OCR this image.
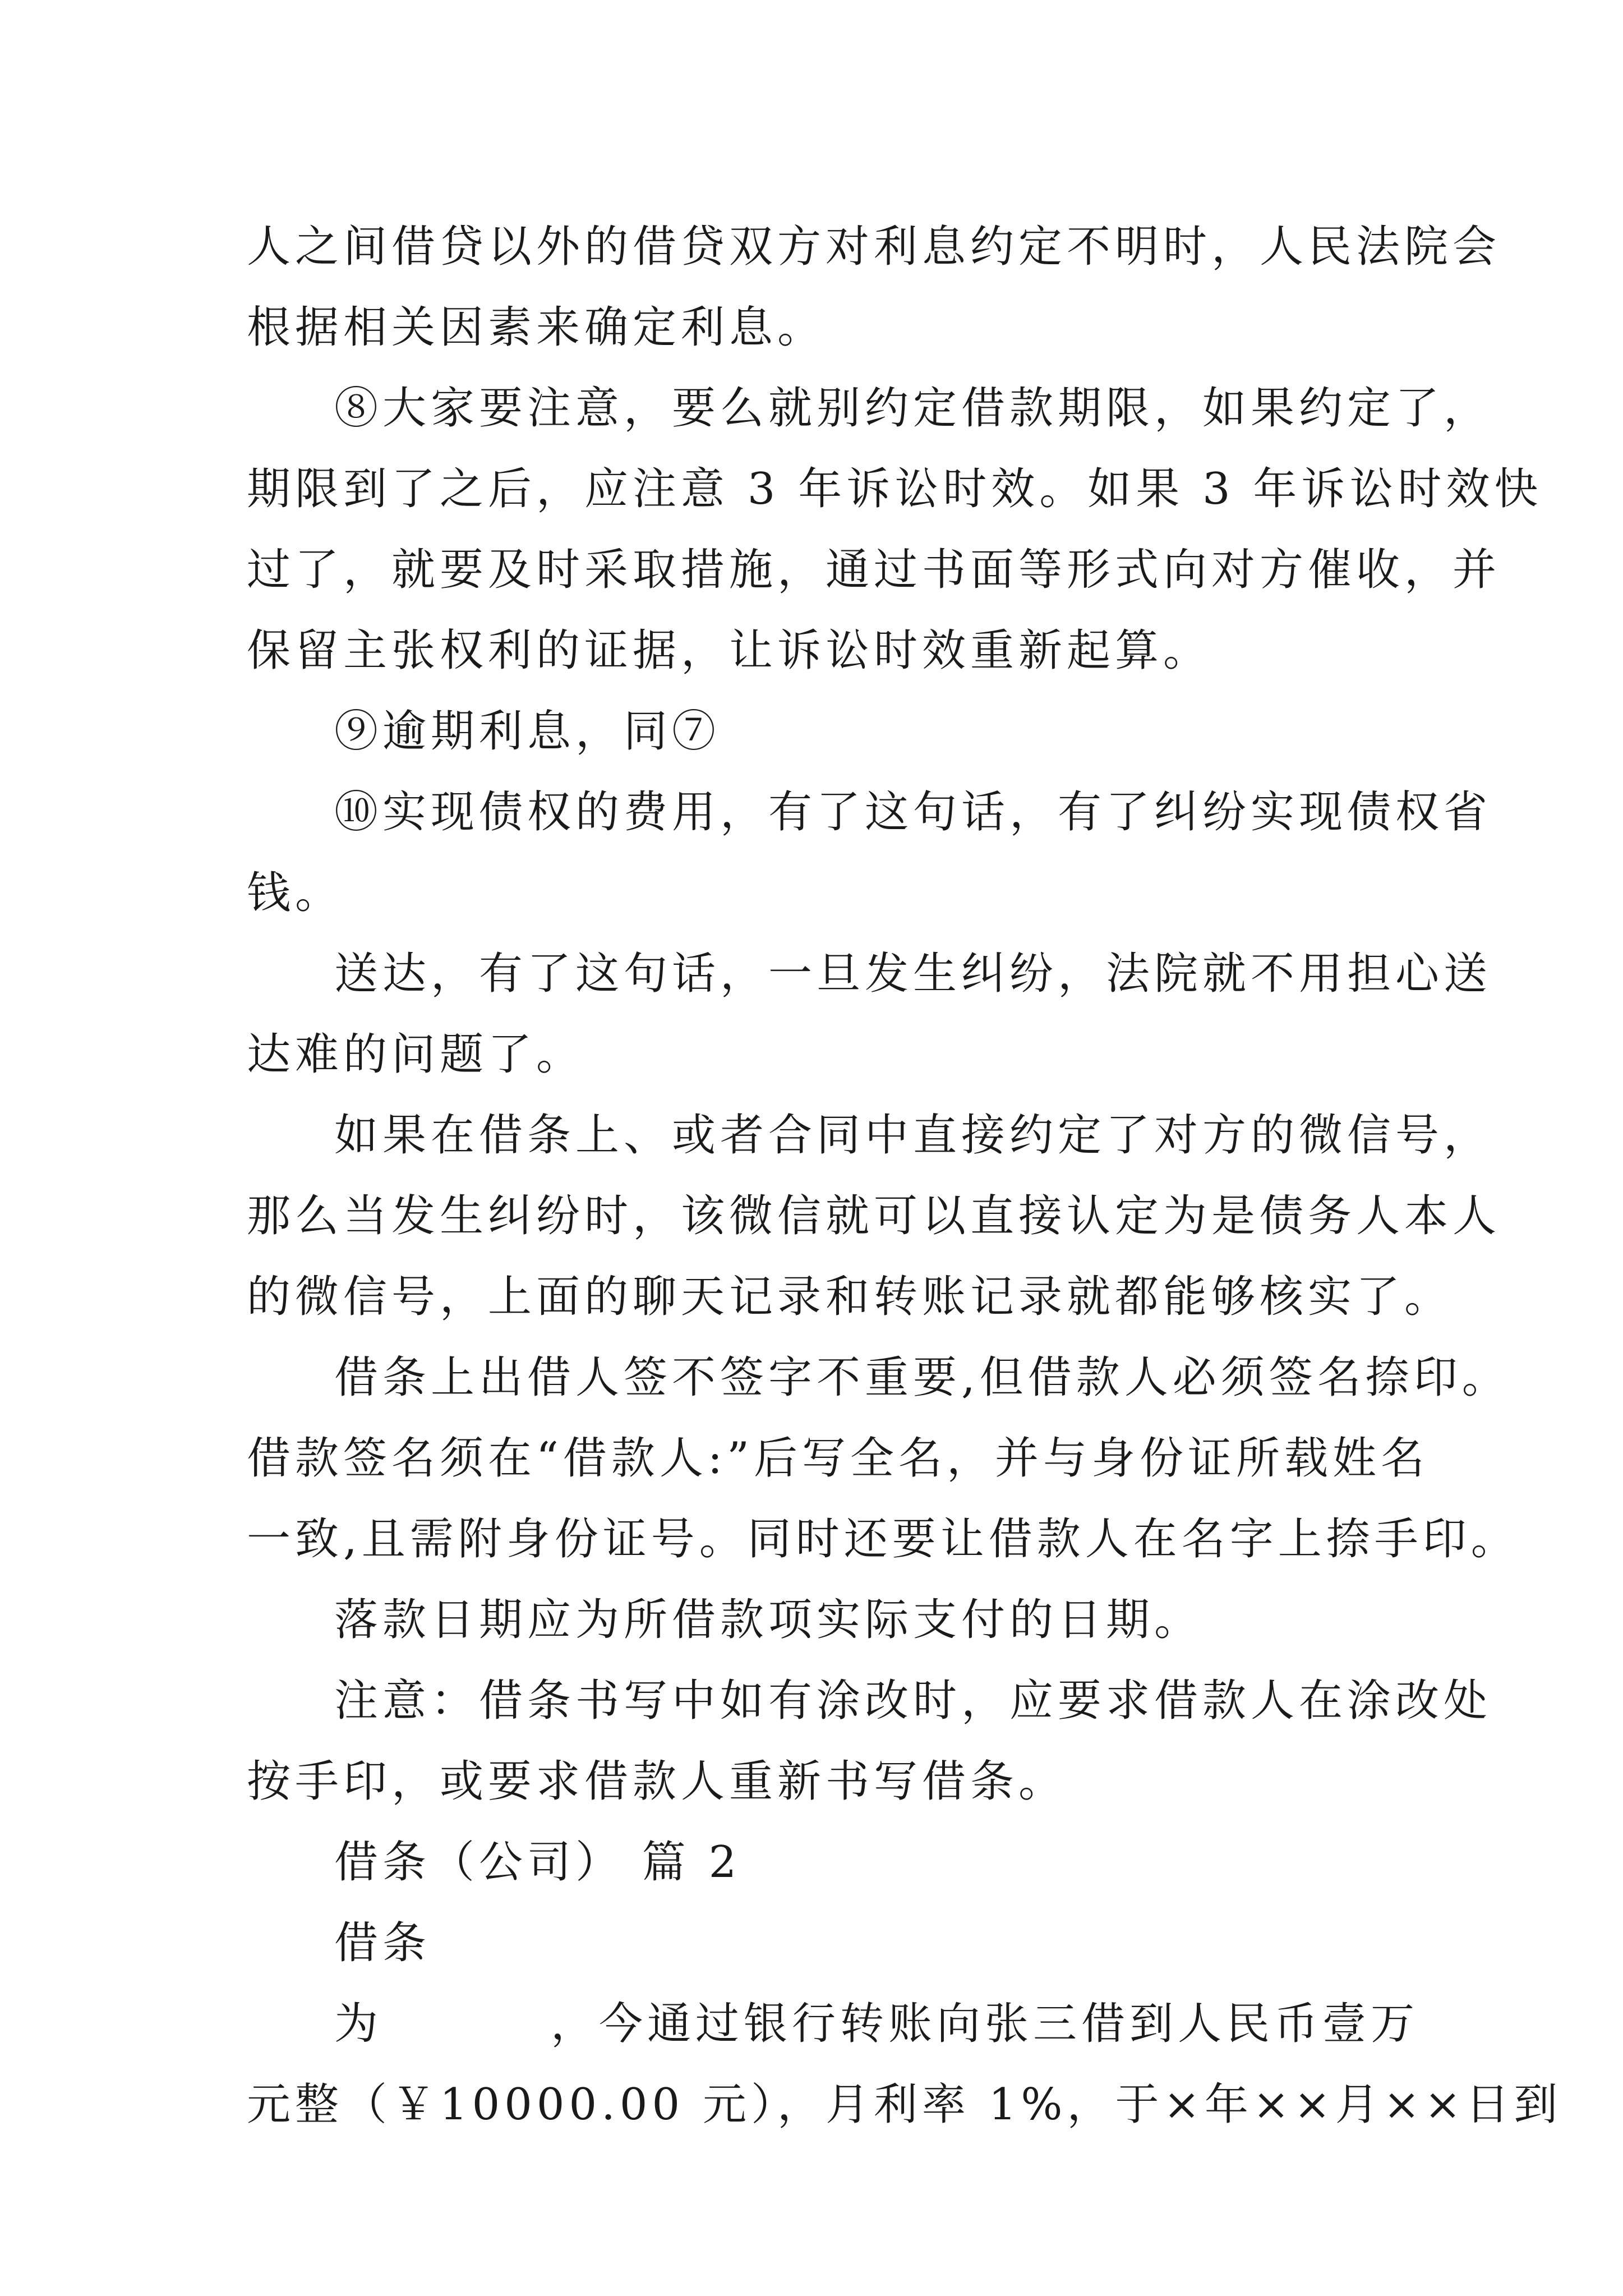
人之间借贷以外的借贷双方对利息约定不明时，人民法院会
根据相关因素来确定利息。
⑧大家要注意，要么就别约定借款期限，如果约定了，
期限到了之后，应注意 3 年诉讼时效。如果 3 年诉讼时效快
过了，就要及时采取措施，通过书面等形式向对方催收，并
保留主张权利的证据，让诉讼时效重新起算。
⑨逾期利息，同⑦
⑩实现债权的费用，有了这句话，有了纠纷实现债权省
钱。
送达，有了这句话，一旦发生纠纷，法院就不用担心送
达难的问题了。
如果在借条上、或者合同中直接约定了对方的微信号，
那么当发生纠纷时，该微信就可以直接认定为是债务人本人
的微信号，上面的聊天记录和转账记录就都能够核实了。
借条上出借人签不签字不重要,但借款人必须签名捺印。
借款签名须在“借款人:”后写全名，并与身份证所载姓名
一致,且需附身份证号。同时还要让借款人在名字上捺手印。
落款日期应为所借款项实际支付的日期。
注意：借条书写中如有涂改时，应要求借款人在涂改处
按手印，或要求借款人重新书写借条。
借条（公司） 篇 2
借条
为	，今通过银行转账向张三借到人民币壹万
元整（￥10000.00 元），月利率 1%，于×年××月××日到
